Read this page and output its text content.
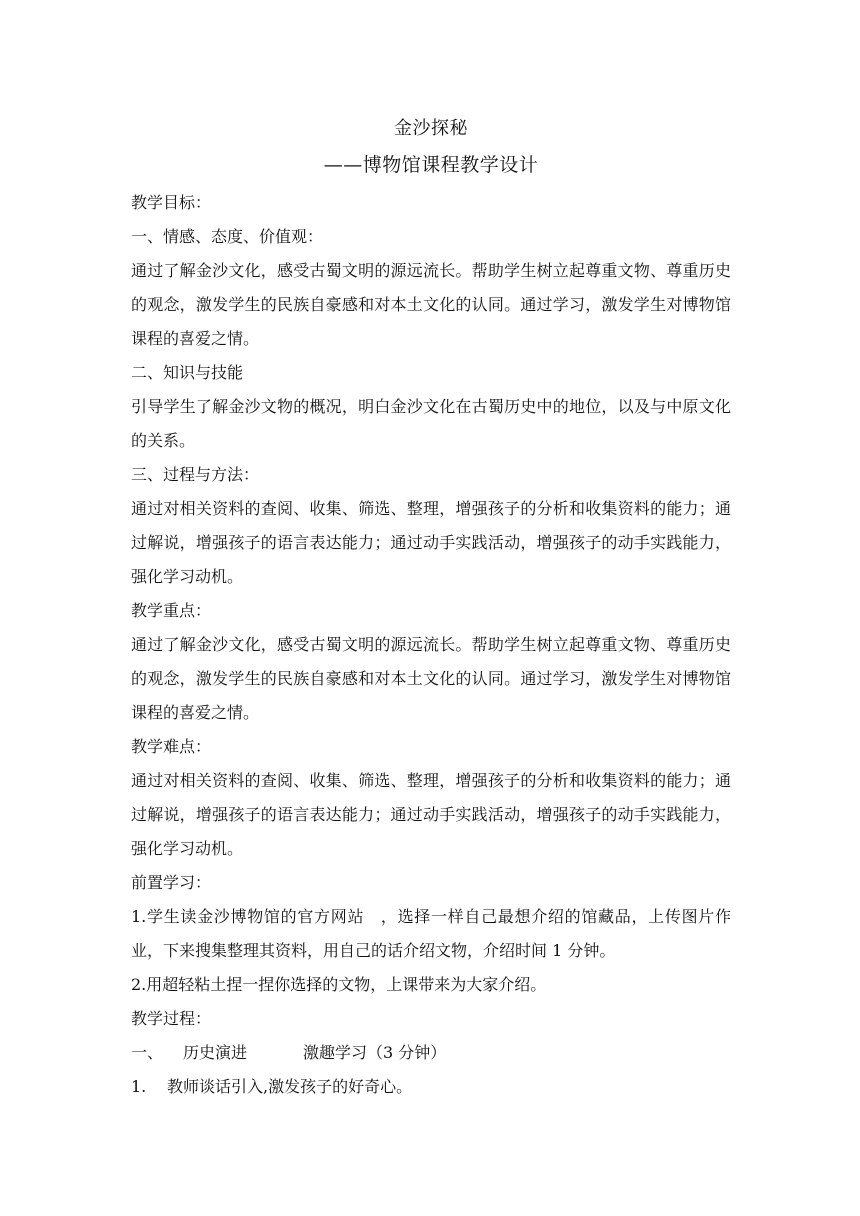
金沙探秘
——博物馆课程教学设计

教学目标：

一、情感、态度、价值观：

通过了解金沙文化，感受古蜀文明的源远流长。帮助学生树立起尊重文物、尊重历史的观念，激发学生的民族自豪感和对本土文化的认同。通过学习，激发学生对博物馆课程的喜爱之情。

二、知识与技能

引导学生了解金沙文物的概况，明白金沙文化在古蜀历史中的地位，以及与中原文化的关系。

三、过程与方法：

通过对相关资料的查阅、收集、筛选、整理，增强孩子的分析和收集资料的能力；通过解说，增强孩子的语言表达能力；通过动手实践活动，增强孩子的动手实践能力，强化学习动机。

教学重点：

通过了解金沙文化，感受古蜀文明的源远流长。帮助学生树立起尊重文物、尊重历史的观念，激发学生的民族自豪感和对本土文化的认同。通过学习，激发学生对博物馆课程的喜爱之情。

教学难点：

通过对相关资料的查阅、收集、筛选、整理，增强孩子的分析和收集资料的能力；通过解说，增强孩子的语言表达能力；通过动手实践活动，增强孩子的动手实践能力，强化学习动机。

前置学习：

1.学生读金沙博物馆的官方网站　，选择一样自己最想介绍的馆藏品，上传图片作业，下来搜集整理其资料，用自己的话介绍文物，介绍时间 1 分钟。

2.用超轻粘土捏一捏你选择的文物，上课带来为大家介绍。

教学过程：

一、	历史演进	激趣学习（3 分钟）
1.	教师谈话引入,激发孩子的好奇心。
